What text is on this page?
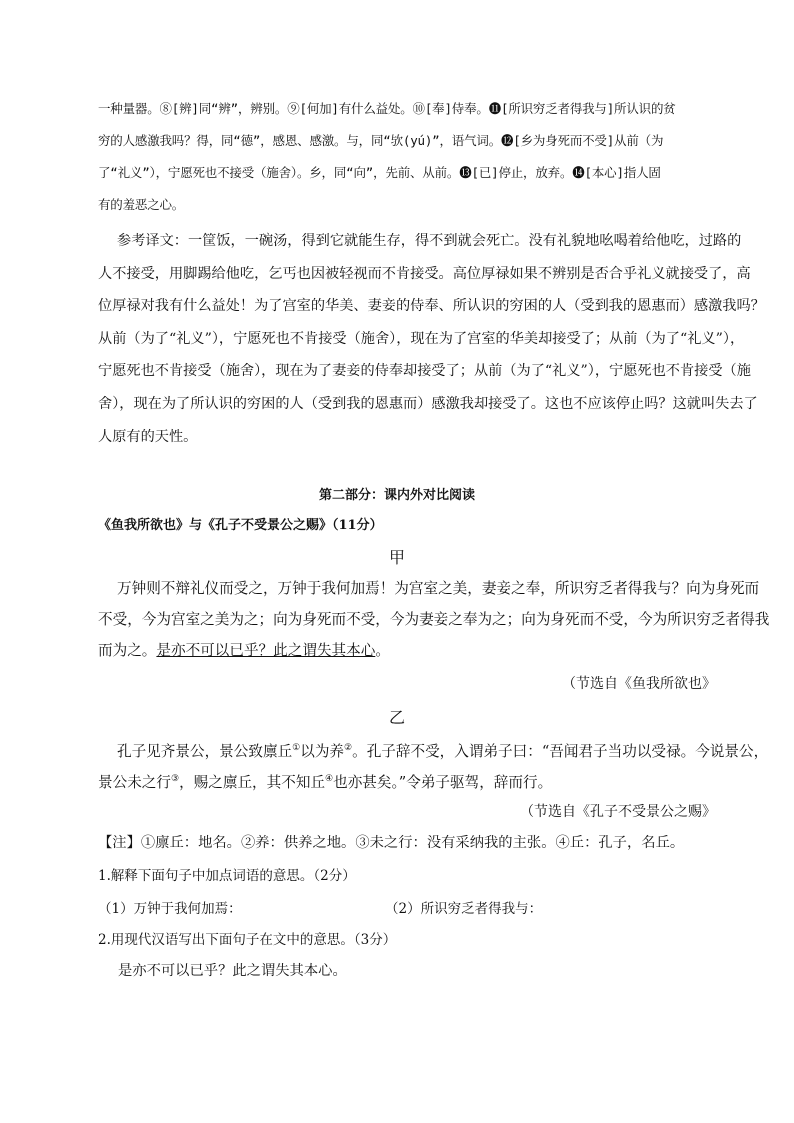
一种量器。⑧[辨]同“辨”，辨别。⑨[何加]有什么益处。⑩[奉]侍奉。⓫[所识穷乏者得我与]所认识的贫
穷的人感激我吗？得，同“德”，感恩、感激。与，同“欤(yú)”，语气词。⓬[乡为身死而不受]从前（为
了“礼义”），宁愿死也不接受（施舍）。乡，同“向”，先前、从前。⓭[已]停止，放弃。⓮[本心]指人固
有的羞恶之心。
参考译文：一筐饭，一碗汤，得到它就能生存，得不到就会死亡。没有礼貌地吆喝着给他吃，过路的
人不接受，用脚踢给他吃，乞丐也因被轻视而不肯接受。高位厚禄如果不辨别是否合乎礼义就接受了，高
位厚禄对我有什么益处！为了宫室的华美、妻妾的侍奉、所认识的穷困的人（受到我的恩惠而）感激我吗？
从前（为了“礼义”），宁愿死也不肯接受（施舍），现在为了宫室的华美却接受了；从前（为了“礼义”），
宁愿死也不肯接受（施舍），现在为了妻妾的侍奉却接受了；从前（为了“礼义”），宁愿死也不肯接受（施
舍），现在为了所认识的穷困的人（受到我的恩惠而）感激我却接受了。这也不应该停止吗？这就叫失去了
人原有的天性。
第二部分：课内外对比阅读
《鱼我所欲也》与《孔子不受景公之赐》（11分）
甲
万钟则不辩礼仪而受之，万钟于我何加焉！为宫室之美，妻妾之奉，所识穷乏者得我与？向为身死而
不受，今为宫室之美为之；向为身死而不受，今为妻妾之奉为之；向为身死而不受，今为所识穷乏者得我
而为之。是亦不可以已乎？此之谓失其本心。
（节选自《鱼我所欲也》
乙
孔子见齐景公，景公致廪丘①以为养②。孔子辞不受，入谓弟子曰：“吾闻君子当功以受禄。今说景公，
景公未之行③，赐之廪丘，其不知丘④也亦甚矣。”令弟子驱驾，辞而行。
（节选自《孔子不受景公之赐》
【注】①廪丘：地名。②养：供养之地。③未之行：没有采纳我的主张。④丘：孔子，名丘。
1.解释下面句子中加点词语的意思。（2分）
（1）万钟于我何加焉：	（2）所识穷乏者得我与：
2.用现代汉语写出下面句子在文中的意思。（3分）
是亦不可以已乎？此之谓失其本心。
